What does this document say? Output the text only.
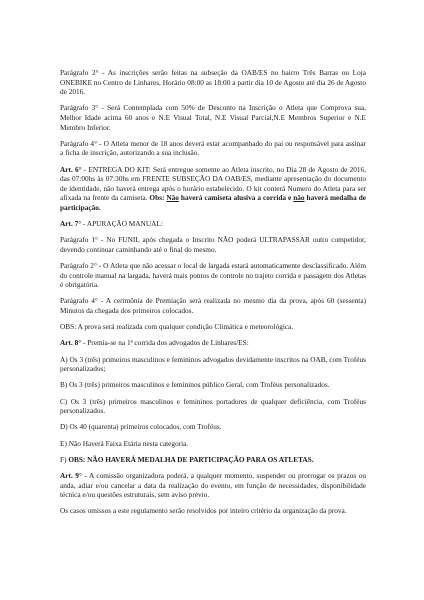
Parágrafo 2° - As inscrições serão feitas na subseção da OAB/ES no bairro Três Barras ou Loja ONEBIKE no Centro de Linhares, Horário 08:00 as 18:00 a partir dia 10 de Agosto até dia 26 de Agosto de 2016.

Parágrafo 3° - Será Contemplada com 50% de Desconto na Inscrição o Atleta que Comprova sua, Melhor Idade acima 60 anos e N.E Visual Total, N.E Visual Parcial,N.E Membros Superior e N.E Membro Inferior.

Parágrafo 4° - O Atleta menor de 18 anos deverá estar acompanhado do pai ou responsável para assinar a ficha de inscrição, autorizando a sua inclusão.

Art. 6° - ENTREGA DO KIT: Será entregue somente ao Atleta inscrito, no Dia 28 de Agosto de 2016, das 07:00hs às 07:30hs em FRENTE SUBSEÇÃO DA OAB/ES, mediante apresentação do documento de identidade, não haverá entrega após o horário estabelecido. O kit conterá Numero do Atleta para ser afixada na frente da camiseta. Obs: Não haverá camiseta alusiva a corrida e não haverá medalha de participação.

Art. 7° - APURAÇÃO MANUAL:

Parágrafo 1° - No FUNIL após chegada o Inscrito NÃO poderá ULTRAPASSAR outro competidor, devendo continuar caminhando até o final do mesmo.

Parágrafo 2° - O Atleta que não acessar o local de largada estará automaticamente desclassificado. Além do controle manual na largada, haverá mais pontos de controle no trajeto corrida e passagem dos Atletas é obrigatória.

Parágrafo 4° - A cerimônia de Premiação será realizada no mesmo dia da prova, após 60 (sessenta) Minutos da chegada dos primeiros colocados.

OBS: A prova será realizada com qualquer condição Climática e meteorológica.

Art. 8° - Premia-se na 1ª corrida dos advogados de Linhares/ES:

A) Os 3 (três) primeiros masculinos e femininos advogados devidamente inscritos na OAB, com Troféus personalizados;

B) Os 3 (três) primeiros masculinos e femininos público Geral, com Troféus personalizados.

C) Os 3 (três) primeiros masculinos e femininos portadores de qualquer deficiência, com Troféus personalizados.

D) Os 40 (quarenta) primeiros colocados, com Troféus.

E) Não Haverá Faixa Etária nesta categoria.

F) OBS: NÃO HAVERÁ MEDALHA DE PARTICIPAÇÃO PARA OS ATLETAS.

Art. 9° - A comissão organizadora poderá, a qualquer momento, suspender ou prorrogar os prazos ou anda, adiar e/ou cancelar a data da realização do evento, em função de necessidades, disponibilidade técnica e/ou questões estruturais, sem aviso prévio.

Os casos omissos a este regulamento serão resolvidos por inteiro critério da organização da prova.
